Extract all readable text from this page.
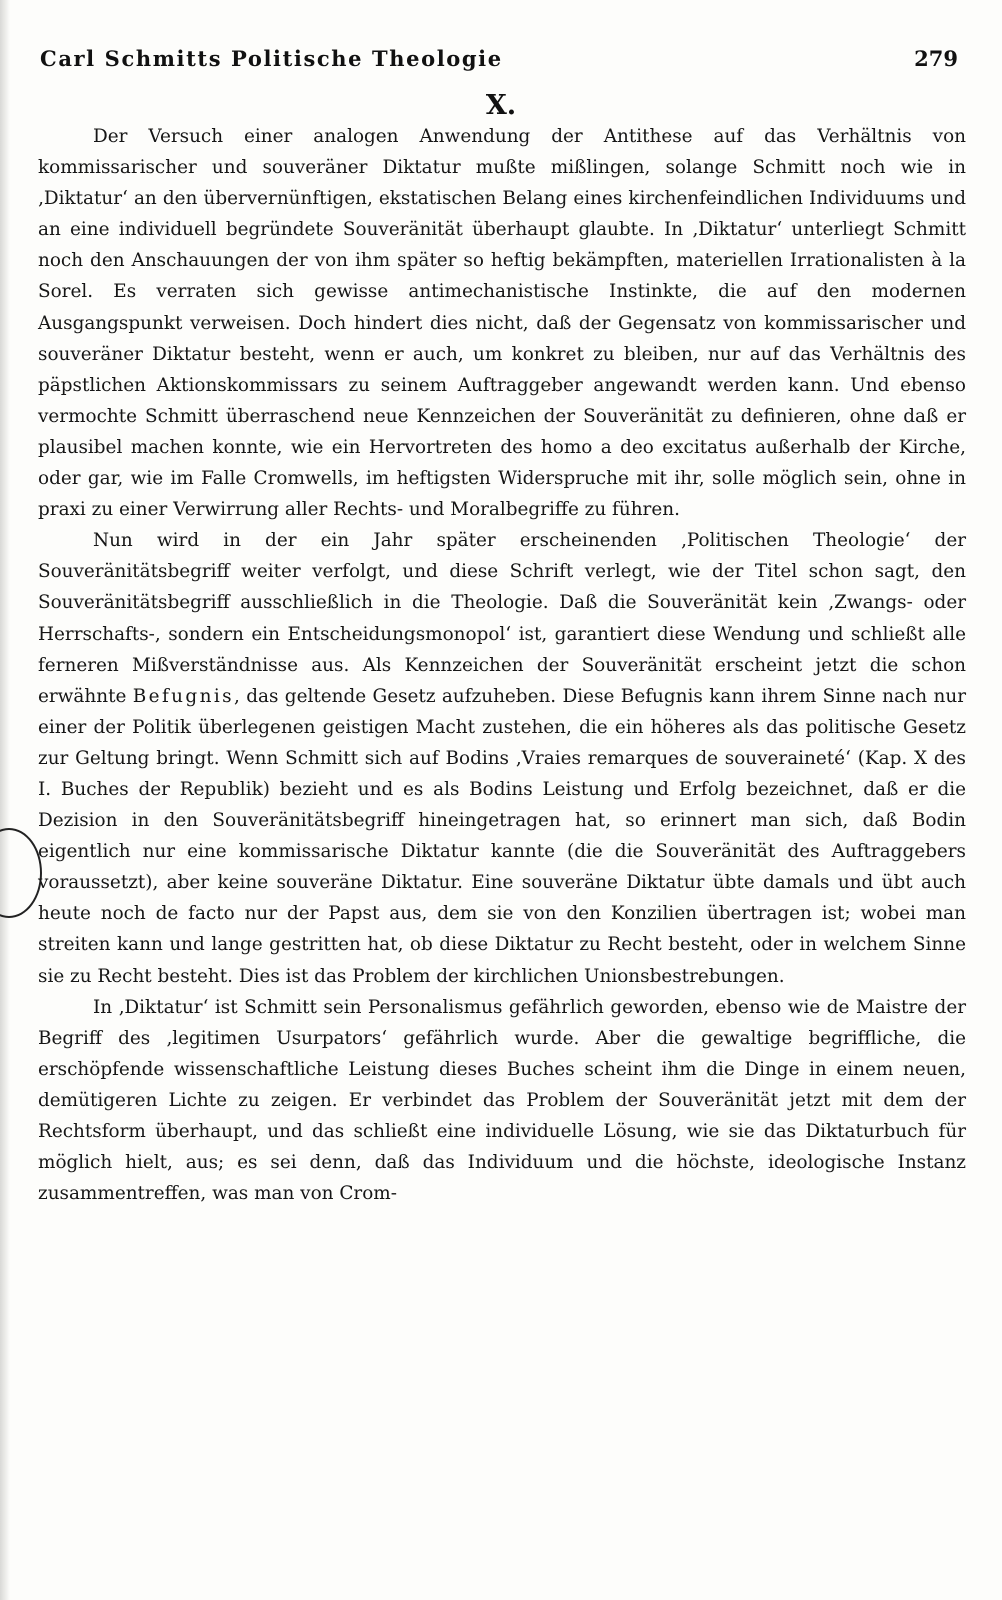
Carl Schmitts Politische Theologie	279
X.

Der Versuch einer analogen Anwendung der Antithese auf das Verhältnis von kommissarischer und souveräner Diktatur mußte mißlingen, solange Schmitt noch wie in ‚Diktatur‘ an den übervernünftigen, ekstatischen Belang eines kirchenfeindlichen Individuums und an eine individuell begründete Souveränität überhaupt glaubte. In ‚Diktatur‘ unterliegt Schmitt noch den Anschauungen der von ihm später so heftig bekämpften, materiellen Irrationalisten à la Sorel. Es verraten sich gewisse antimechanistische Instinkte, die auf den modernen Ausgangspunkt verweisen. Doch hindert dies nicht, daß der Gegensatz von kommissarischer und souveräner Diktatur besteht, wenn er auch, um konkret zu bleiben, nur auf das Verhältnis des päpstlichen Aktionskommissars zu seinem Auftraggeber angewandt werden kann. Und ebenso vermochte Schmitt überraschend neue Kennzeichen der Souveränität zu definieren, ohne daß er plausibel machen konnte, wie ein Hervortreten des homo a deo excitatus außerhalb der Kirche, oder gar, wie im Falle Cromwells, im heftigsten Widerspruche mit ihr, solle möglich sein, ohne in praxi zu einer Verwirrung aller Rechts- und Moralbegriffe zu führen.

Nun wird in der ein Jahr später erscheinenden ‚Politischen Theologie‘ der Souveränitätsbegriff weiter verfolgt, und diese Schrift verlegt, wie der Titel schon sagt, den Souveränitätsbegriff ausschließlich in die Theologie. Daß die Souveränität kein ‚Zwangs- oder Herrschafts-, sondern ein Entscheidungsmonopol‘ ist, garantiert diese Wendung und schließt alle ferneren Mißverständnisse aus. Als Kennzeichen der Souveränität erscheint jetzt die schon erwähnte Befugnis, das geltende Gesetz aufzuheben. Diese Befugnis kann ihrem Sinne nach nur einer der Politik überlegenen geistigen Macht zustehen, die ein höheres als das politische Gesetz zur Geltung bringt. Wenn Schmitt sich auf Bodins ‚Vraies remarques de souveraineté‘ (Kap. X des I. Buches der Republik) bezieht und es als Bodins Leistung und Erfolg bezeichnet, daß er die Dezision in den Souveränitätsbegriff hineingetragen hat, so erinnert man sich, daß Bodin eigentlich nur eine kommissarische Diktatur kannte (die die Souveränität des Auftraggebers voraussetzt), aber keine souveräne Diktatur. Eine souveräne Diktatur übte damals und übt auch heute noch de facto nur der Papst aus, dem sie von den Konzilien übertragen ist; wobei man streiten kann und lange gestritten hat, ob diese Diktatur zu Recht besteht, oder in welchem Sinne sie zu Recht besteht. Dies ist das Problem der kirchlichen Unionsbestrebungen.

In ‚Diktatur‘ ist Schmitt sein Personalismus gefährlich geworden, ebenso wie de Maistre der Begriff des ‚legitimen Usurpators‘ gefährlich wurde. Aber die gewaltige begriffliche, die erschöpfende wissenschaftliche Leistung dieses Buches scheint ihm die Dinge in einem neuen, demütigeren Lichte zu zeigen. Er verbindet das Problem der Souveränität jetzt mit dem der Rechtsform überhaupt, und das schließt eine individuelle Lösung, wie sie das Diktaturbuch für möglich hielt, aus; es sei denn, daß das Individuum und die höchste, ideologische Instanz zusammentreffen, was man von Crom-
